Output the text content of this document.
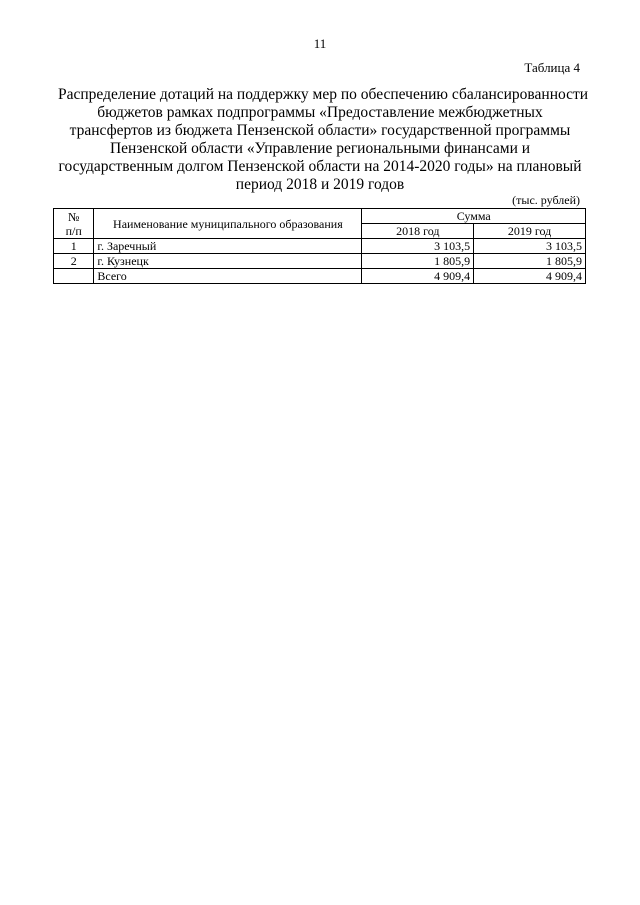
11
Таблица 4
Распределение дотаций на поддержку мер по обеспечению сбалансированности
бюджетов рамках подпрограммы «Предоставление межбюджетных
трансфертов из бюджета Пензенской области» государственной программы
Пензенской области «Управление региональными финансами и
государственным долгом Пензенской области на 2014-2020 годы» на плановый
период 2018 и 2019 годов
(тыс. рублей)
№
п/п	Наименование муниципального образования	Сумма	
		2018 год	2019 год
1	г. Заречный	3 103,5	3 103,5
2	г. Кузнецк	1 805,9	1 805,9
	Всего	4 909,4	4 909,4
